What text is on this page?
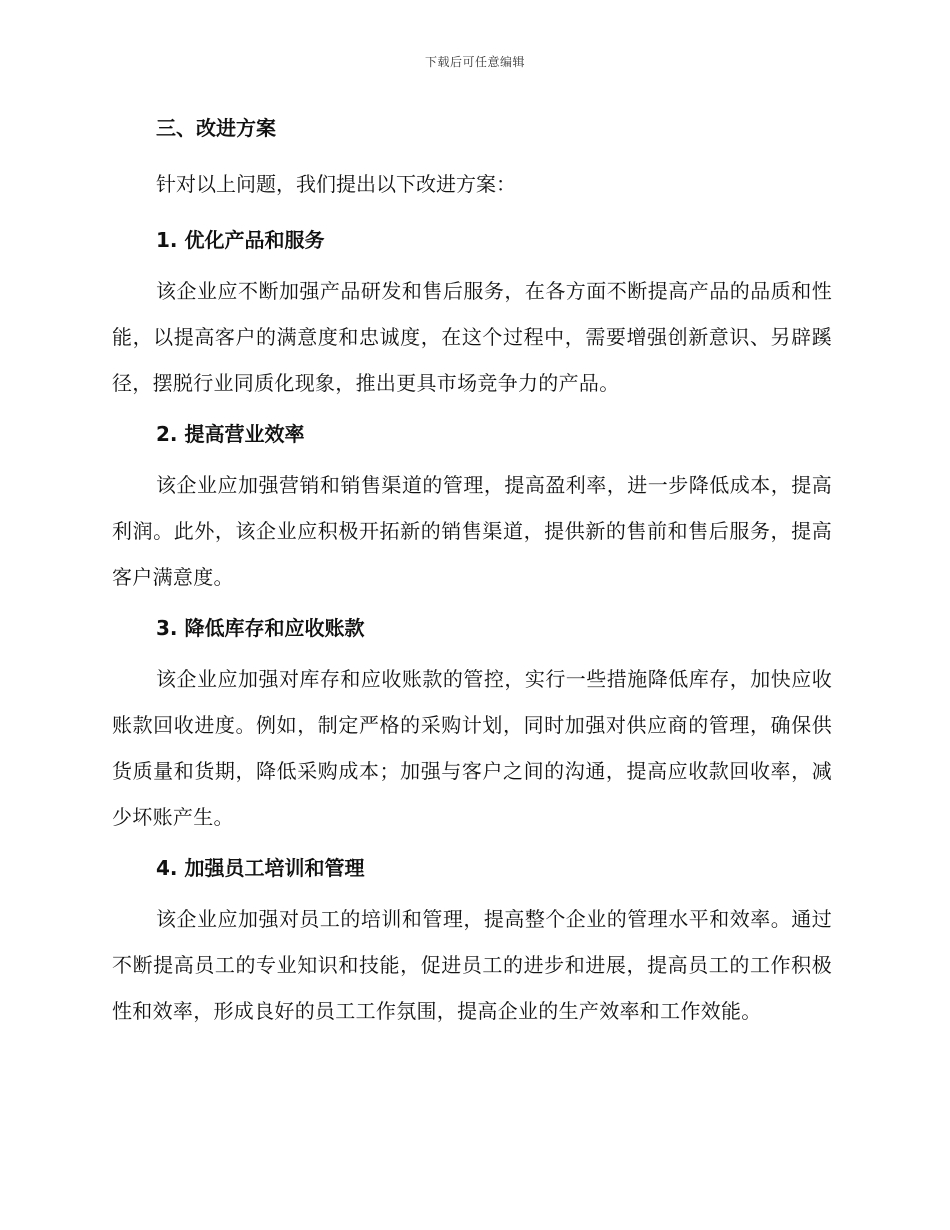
下载后可任意编辑
三、改进方案

针对以上问题，我们提出以下改进方案：

1. 优化产品和服务

该企业应不断加强产品研发和售后服务，在各方面不断提高产品的品质和性能，以提高客户的满意度和忠诚度，在这个过程中，需要增强创新意识、另辟蹊径，摆脱行业同质化现象，推出更具市场竞争力的产品。

2. 提高营业效率

该企业应加强营销和销售渠道的管理，提高盈利率，进一步降低成本，提高利润。此外，该企业应积极开拓新的销售渠道，提供新的售前和售后服务，提高客户满意度。

3. 降低库存和应收账款

该企业应加强对库存和应收账款的管控，实行一些措施降低库存，加快应收账款回收进度。例如，制定严格的采购计划，同时加强对供应商的管理，确保供货质量和货期，降低采购成本；加强与客户之间的沟通，提高应收款回收率，减少坏账产生。

4. 加强员工培训和管理

该企业应加强对员工的培训和管理，提高整个企业的管理水平和效率。通过不断提高员工的专业知识和技能，促进员工的进步和进展，提高员工的工作积极性和效率，形成良好的员工工作氛围，提高企业的生产效率和工作效能。
